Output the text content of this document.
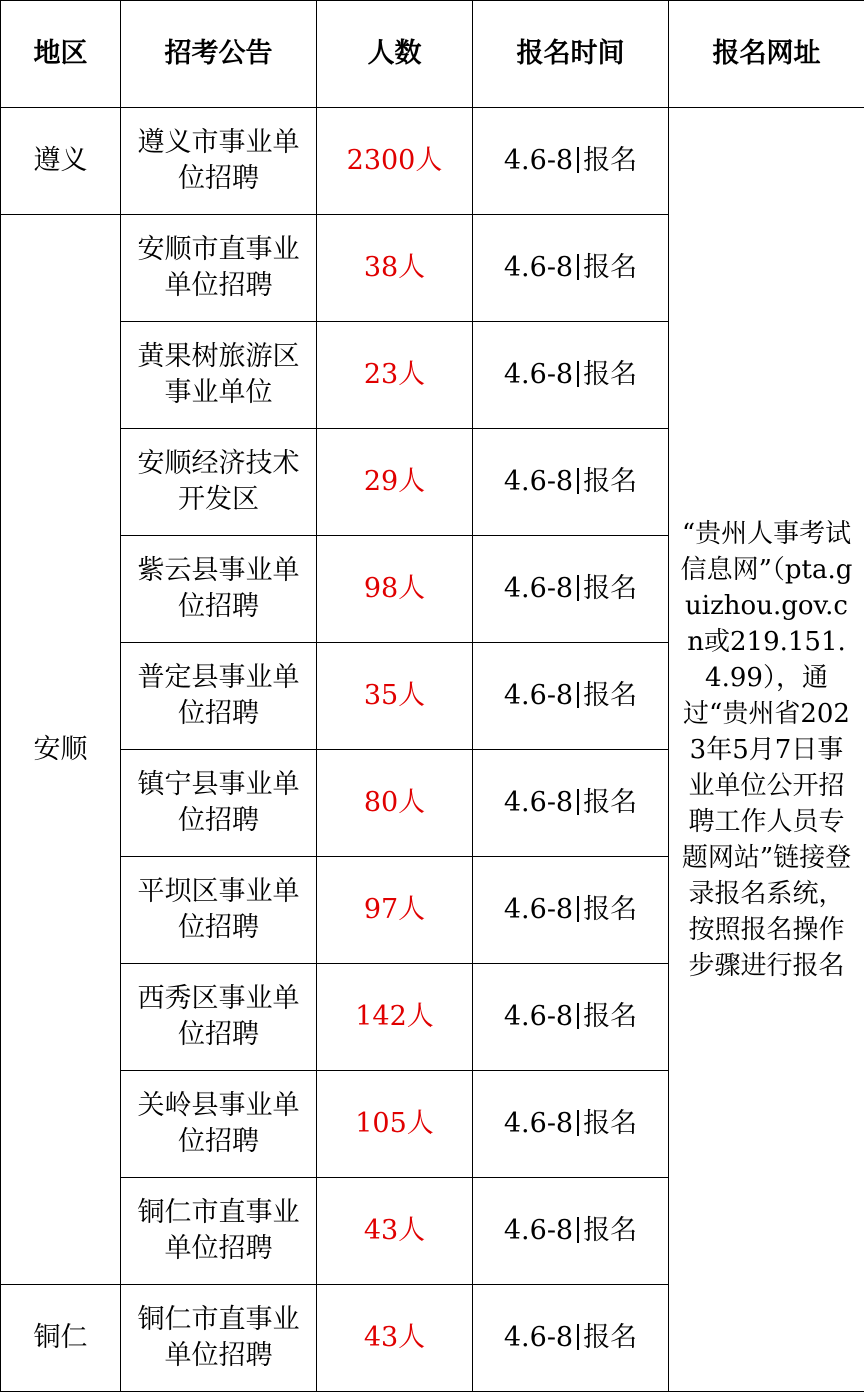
地区	招考公告	人数	报名时间	报名网址
遵义	遵义市事业单位招聘	2300人	4.6-8 报名	“贵州人事考试信息网”（pta.guizhou.gov.cn或219.151.4.99），通过“贵州省2023年5月7日事业单位公开招聘工作人员专题网站”链接登录报名系统，按照报名操作步骤进行报名
安顺	安顺市直事业单位招聘	38人	4.6-8 报名	
	黄果树旅游区事业单位	23人	4.6-8 报名	
	安顺经济技术开发区	29人	4.6-8 报名	
	紫云县事业单位招聘	98人	4.6-8 报名	
	普定县事业单位招聘	35人	4.6-8 报名	
	镇宁县事业单位招聘	80人	4.6-8 报名	
	平坝区事业单位招聘	97人	4.6-8 报名	
	西秀区事业单位招聘	142人	4.6-8 报名	
	关岭县事业单位招聘	105人	4.6-8 报名	
	铜仁市直事业单位招聘	43人	4.6-8 报名	
铜仁	铜仁市直事业单位招聘	43人	4.6-8 报名	
